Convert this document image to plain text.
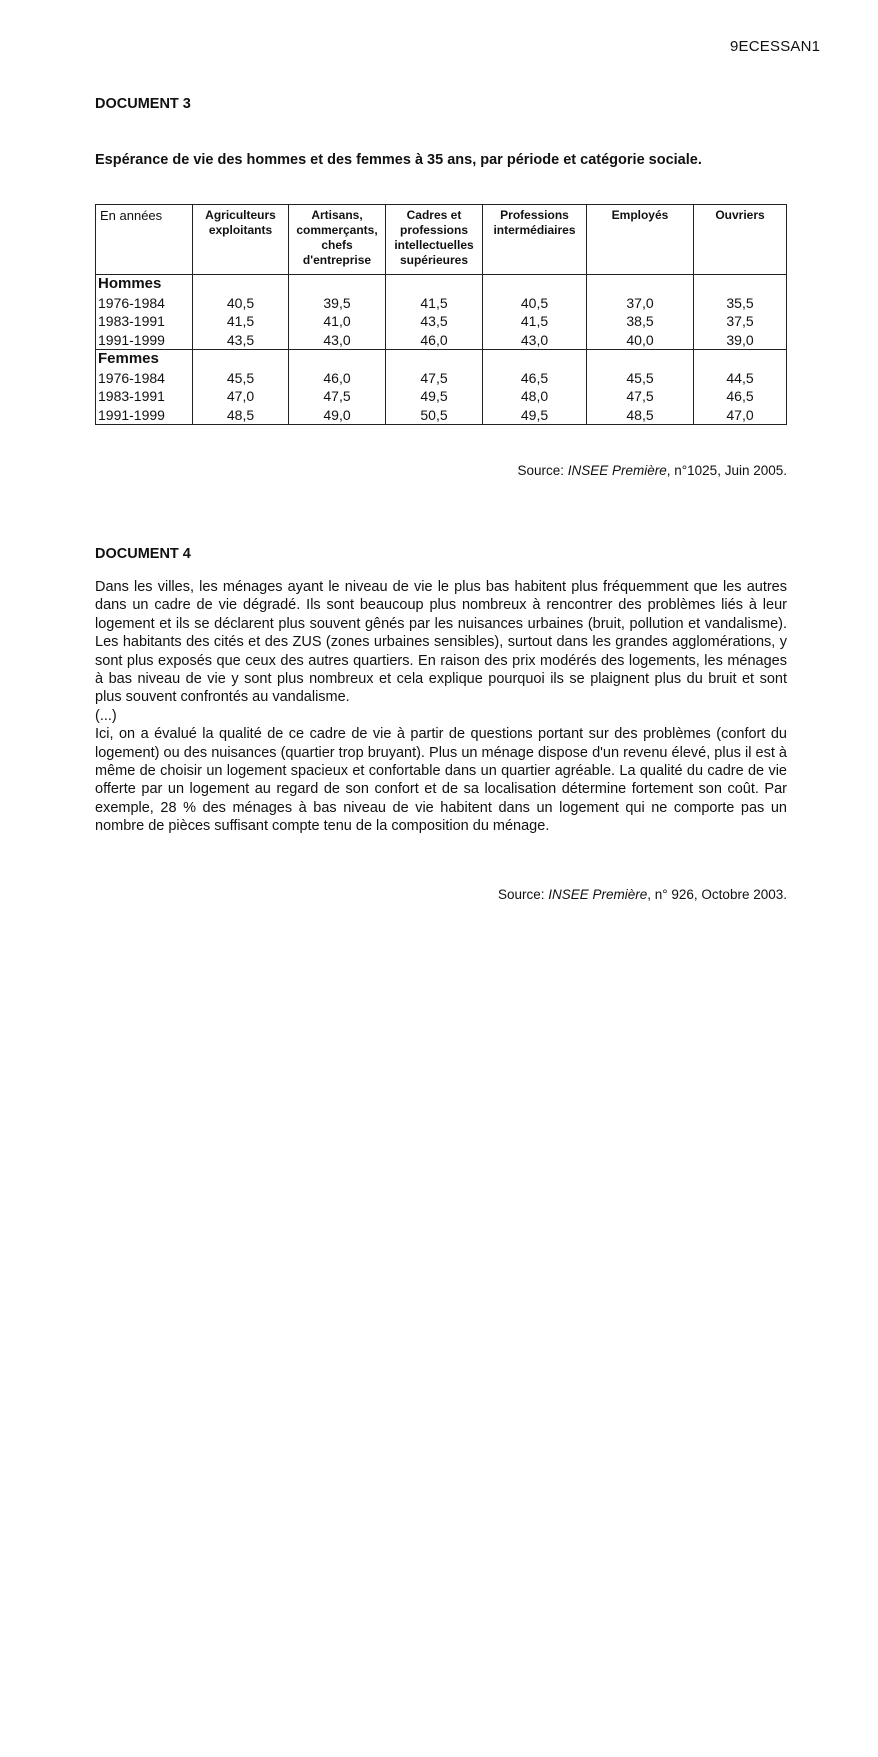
9ECESSAN1
DOCUMENT 3
Espérance de vie des hommes et des femmes à 35 ans, par période et catégorie sociale.
En années	Agriculteurs exploitants	Artisans, commerçants, chefs d'entreprise	Cadres et professions intellectuelles supérieures	Professions intermédiaires	Employés	Ouvriers
Hommes						
1976-1984	40,5	39,5	41,5	40,5	37,0	35,5
1983-1991	41,5	41,0	43,5	41,5	38,5	37,5
1991-1999	43,5	43,0	46,0	43,0	40,0	39,0
Femmes						
1976-1984	45,5	46,0	47,5	46,5	45,5	44,5
1983-1991	47,0	47,5	49,5	48,0	47,5	46,5
1991-1999	48,5	49,0	50,5	49,5	48,5	47,0
Source: INSEE Première, n°1025, Juin 2005.
DOCUMENT 4

Dans les villes, les ménages ayant le niveau de vie le plus bas habitent plus fréquemment que les autres dans un cadre de vie dégradé. Ils sont beaucoup plus nombreux à rencontrer des problèmes liés à leur logement et ils se déclarent plus souvent gênés par les nuisances urbaines (bruit, pollution et vandalisme). Les habitants des cités et des ZUS (zones urbaines sensibles), surtout dans les grandes agglomérations, y sont plus exposés que ceux des autres quartiers. En raison des prix modérés des logements, les ménages à bas niveau de vie y sont plus nombreux et cela explique pourquoi ils se plaignent plus du bruit et sont plus souvent confrontés au vandalisme.

(...)

Ici, on a évalué la qualité de ce cadre de vie à partir de questions portant sur des problèmes (confort du logement) ou des nuisances (quartier trop bruyant). Plus un ménage dispose d'un revenu élevé, plus il est à même de choisir un logement spacieux et confortable dans un quartier agréable. La qualité du cadre de vie offerte par un logement au regard de son confort et de sa localisation détermine fortement son coût. Par exemple, 28 % des ménages à bas niveau de vie habitent dans un logement qui ne comporte pas un nombre de pièces suffisant compte tenu de la composition du ménage.

Source: INSEE Première, n° 926, Octobre 2003.
